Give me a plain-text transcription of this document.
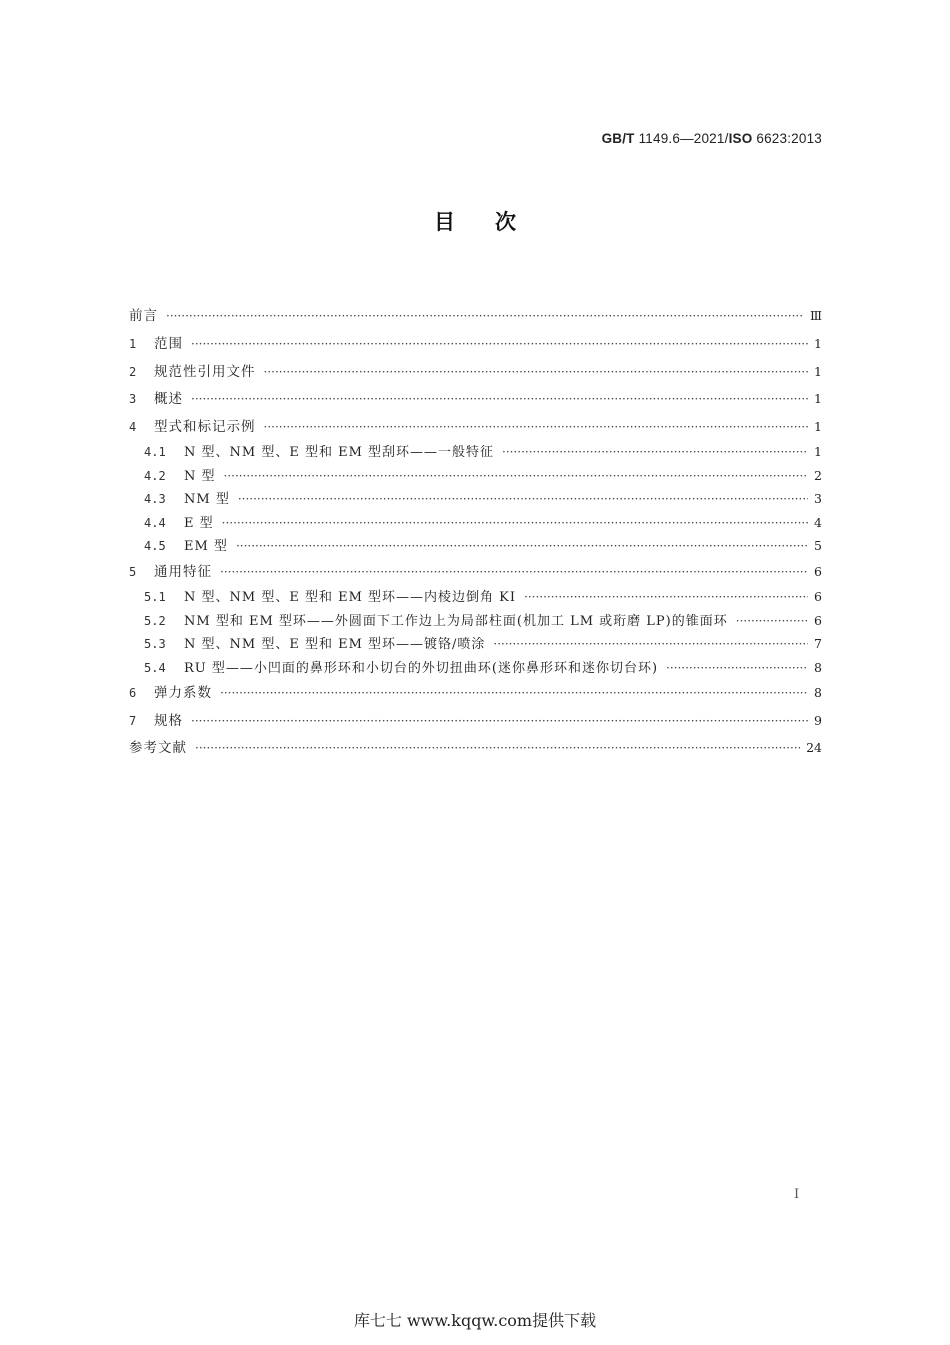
GB/T 1149.6—2021/ISO 6623:2013
目次
前言 ·····	Ⅲ
1	范围 ·····	1
2	规范性引用文件 ·····	1
3	概述 ·····	1
4	型式和标记示例 ·····	1
4.1	N 型、NM 型、E 型和 EM 型刮环——一般特征 ·····	1
4.2	N 型 ·····	2
4.3	NM 型 ·····	3
4.4	E 型 ·····	4
4.5	EM 型 ·····	5
5	通用特征 ·····	6
5.1	N 型、NM 型、E 型和 EM 型环——内棱边倒角 KI ·····	6
5.2	NM 型和 EM 型环——外圆面下工作边上为局部柱面(机加工 LM 或珩磨 LP)的锥面环 ·····	6
5.3	N 型、NM 型、E 型和 EM 型环——镀铬/喷涂 ·····	7
5.4	RU 型——小凹面的鼻形环和小切台的外切扭曲环(迷你鼻形环和迷你切台环) ·····	8
6	弹力系数 ·····	8
7	规格 ·····	9
参考文献 ·····	24
Ⅰ
库七七 www.kqqw.com提供下载
